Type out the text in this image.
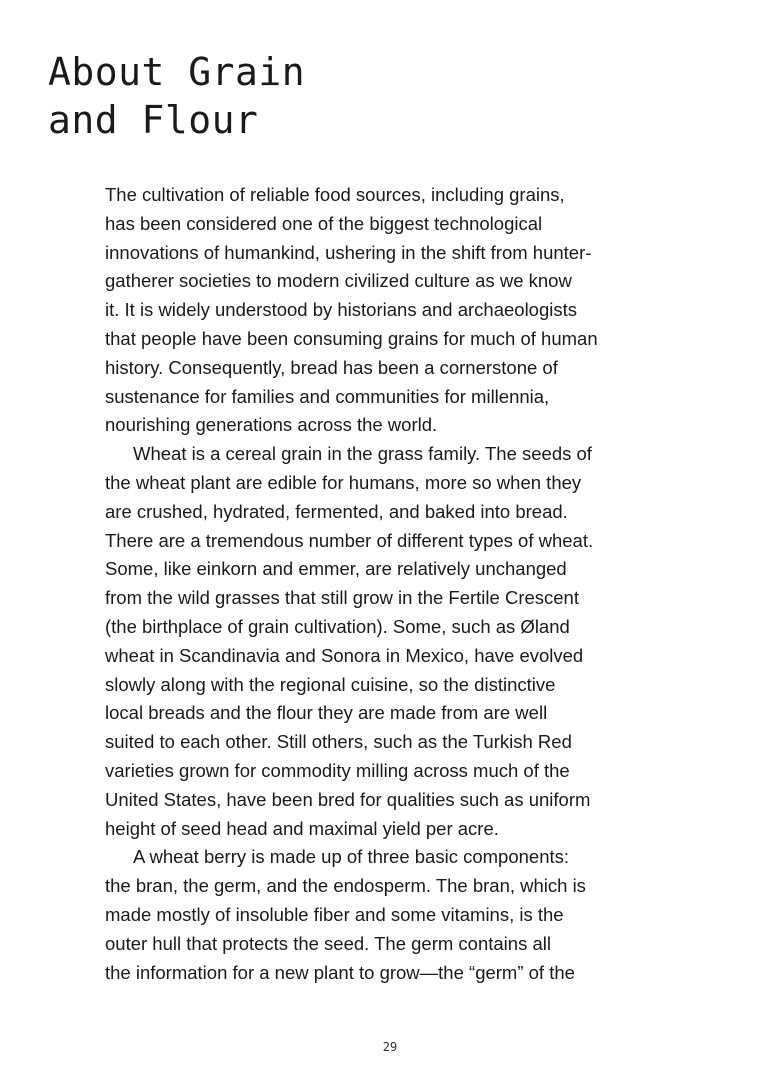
About Grain
and Flour
The cultivation of reliable food sources, including grains,
has been considered one of the biggest technological
innovations of humankind, ushering in the shift from hunter-
gatherer societies to modern civilized culture as we know
it. It is widely understood by historians and archaeologists
that people have been consuming grains for much of human
history. Consequently, bread has been a cornerstone of
sustenance for families and communities for millennia,
nourishing generations across the world.
Wheat is a cereal grain in the grass family. The seeds of
the wheat plant are edible for humans, more so when they
are crushed, hydrated, fermented, and baked into bread.
There are a tremendous number of different types of wheat.
Some, like einkorn and emmer, are relatively unchanged
from the wild grasses that still grow in the Fertile Crescent
(the birthplace of grain cultivation). Some, such as Øland
wheat in Scandinavia and Sonora in Mexico, have evolved
slowly along with the regional cuisine, so the distinctive
local breads and the flour they are made from are well
suited to each other. Still others, such as the Turkish Red
varieties grown for commodity milling across much of the
United States, have been bred for qualities such as uniform
height of seed head and maximal yield per acre.
A wheat berry is made up of three basic components:
the bran, the germ, and the endosperm. The bran, which is
made mostly of insoluble fiber and some vitamins, is the
outer hull that protects the seed. The germ contains all
the information for a new plant to grow—the “germ” of the
29
